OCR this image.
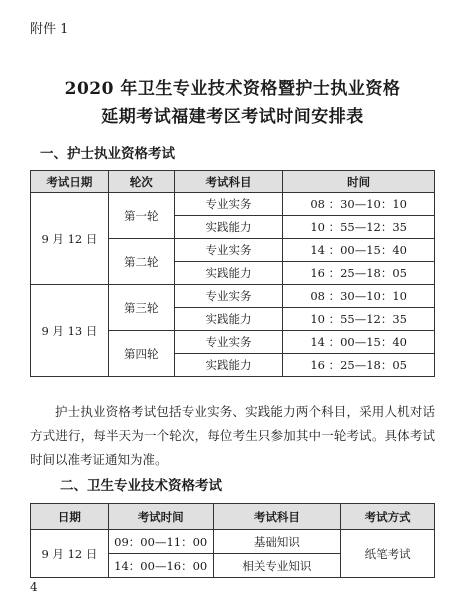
附件 1
2020 年卫生专业技术资格暨护士执业资格
延期考试福建考区考试时间安排表
一、护士执业资格考试
考试日期	轮次	考试科目	时间
9 月 12 日	第一轮	专业实务	08 ：30—10：10
		实践能力	10 ：55—12：35
	第二轮	专业实务	14 ：00—15：40
		实践能力	16 ：25—18：05
9 月 13 日	第三轮	专业实务	08 ：30—10：10
		实践能力	10 ：55—12：35
	第四轮	专业实务	14 ：00—15：40
		实践能力	16 ：25—18：05

护士执业资格考试包括专业实务、实践能力两个科目，采用人机对话方式进行，每半天为一个轮次，每位考生只参加其中一轮考试。具体考试时间以准考证通知为准。

二、卫生专业技术资格考试
日期	考试时间	考试科目	考试方式
9 月 12 日	09：00—11：00	基础知识	纸笔考试
	14：00—16：00	相关专业知识	
4
